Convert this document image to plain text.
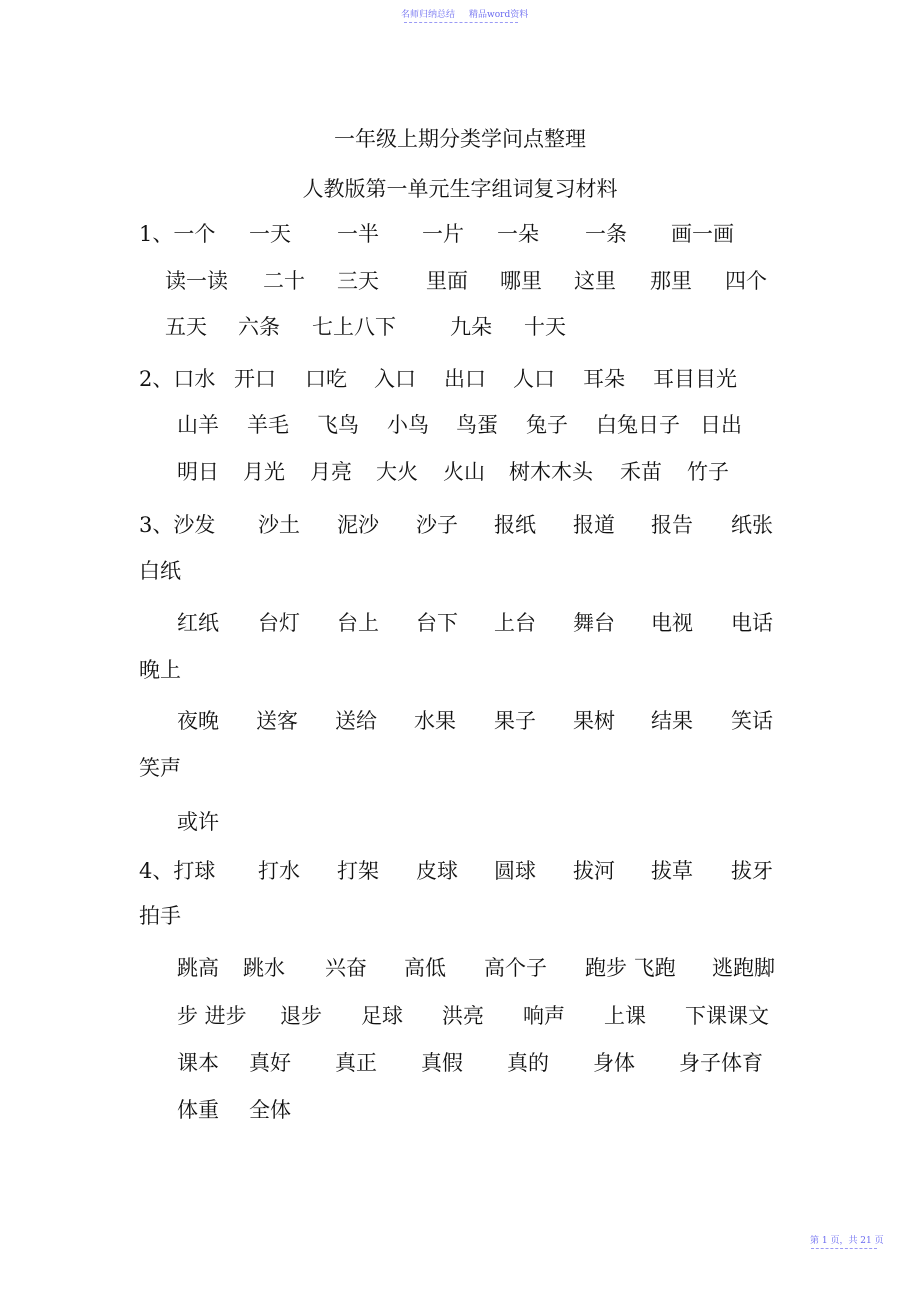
名师归纳总结 精品word资料
一年级上期分类学问点整理
人教版第一单元生字组词复习材料
1、一个 一天 一半 一片 一朵 一条 画一画
读一读 二十 三天 里面 哪里 这里 那里 四个
五天 六条 七上八下	九朵 十天
2、口水 开口 口吃 入口 出口 人口 耳朵 耳目目光
山羊 羊毛 飞鸟 小鸟 鸟蛋 兔子 白兔日子 日出
明日 月光 月亮 大火 火山 树木木头 禾苗 竹子
3、沙发 沙土 泥沙 沙子 报纸 报道 报告 纸张
白纸
红纸 台灯 台上 台下 上台 舞台 电视 电话
晚上
夜晚 送客 送给 水果 果子 果树 结果 笑话
笑声
或许
4、打球 打水 打架 皮球 圆球 拔河 拔草 拔牙
拍手
跳高 跳水 兴奋 高低 高个子 跑步 飞跑 逃跑脚
步 进步 退步 足球 洪亮 响声 上课 下课课文
课本 真好 真正 真假 真的 身体 身子体育
体重 全体
第 1 页，共 21 页
